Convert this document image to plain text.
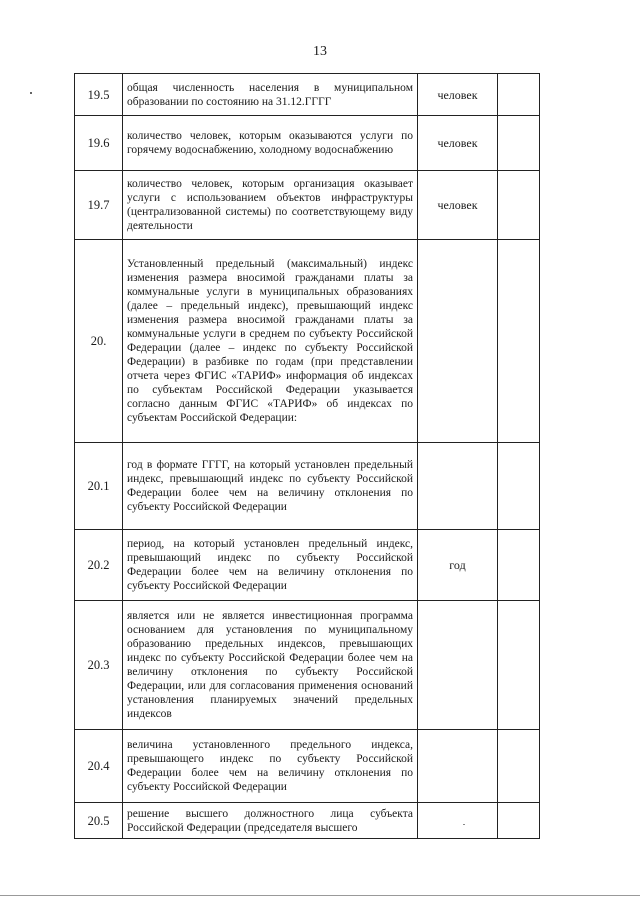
13
19.5	общая численность населения в муниципальном образовании по состоянию на 31.12.ГГГГ	человек	
19.6	количество человек, которым оказываются услуги по горячему водоснабжению, холодному водоснабжению	человек	
19.7	количество человек, которым организация оказывает услуги с использованием объектов инфраструктуры (централизованной системы) по соответствующему виду деятельности	человек	
20.	Установленный предельный (максимальный) индекс изменения размера вносимой гражданами платы за коммунальные услуги в муниципальных образованиях (далее – предельный индекс), превышающий индекс изменения размера вносимой гражданами платы за коммунальные услуги в среднем по субъекту Российской Федерации (далее – индекс по субъекту Российской Федерации) в разбивке по годам (при представлении отчета через ФГИС «ТАРИФ» информация об индексах по субъектам Российской Федерации указывается согласно данным ФГИС «ТАРИФ» об индексах по субъектам Российской Федерации:		
20.1	год в формате ГГГГ, на который установлен предельный индекс, превышающий индекс по субъекту Российской Федерации более чем на величину отклонения по субъекту Российской Федерации		
20.2	период, на который установлен предельный индекс, превышающий индекс по субъекту Российской Федерации более чем на величину отклонения по субъекту Российской Федерации	год	
20.3	является или не является инвестиционная программа основанием для установления по муниципальному образованию предельных индексов, превышающих индекс по субъекту Российской Федерации более чем на величину отклонения по субъекту Российской Федерации, или для согласования применения оснований установления планируемых значений предельных индексов		
20.4	величина установленного предельного индекса, превышающего индекс по субъекту Российской Федерации более чем на величину отклонения по субъекту Российской Федерации		
20.5	решение высшего должностного лица субъекта Российской Федерации (председателя высшего		
